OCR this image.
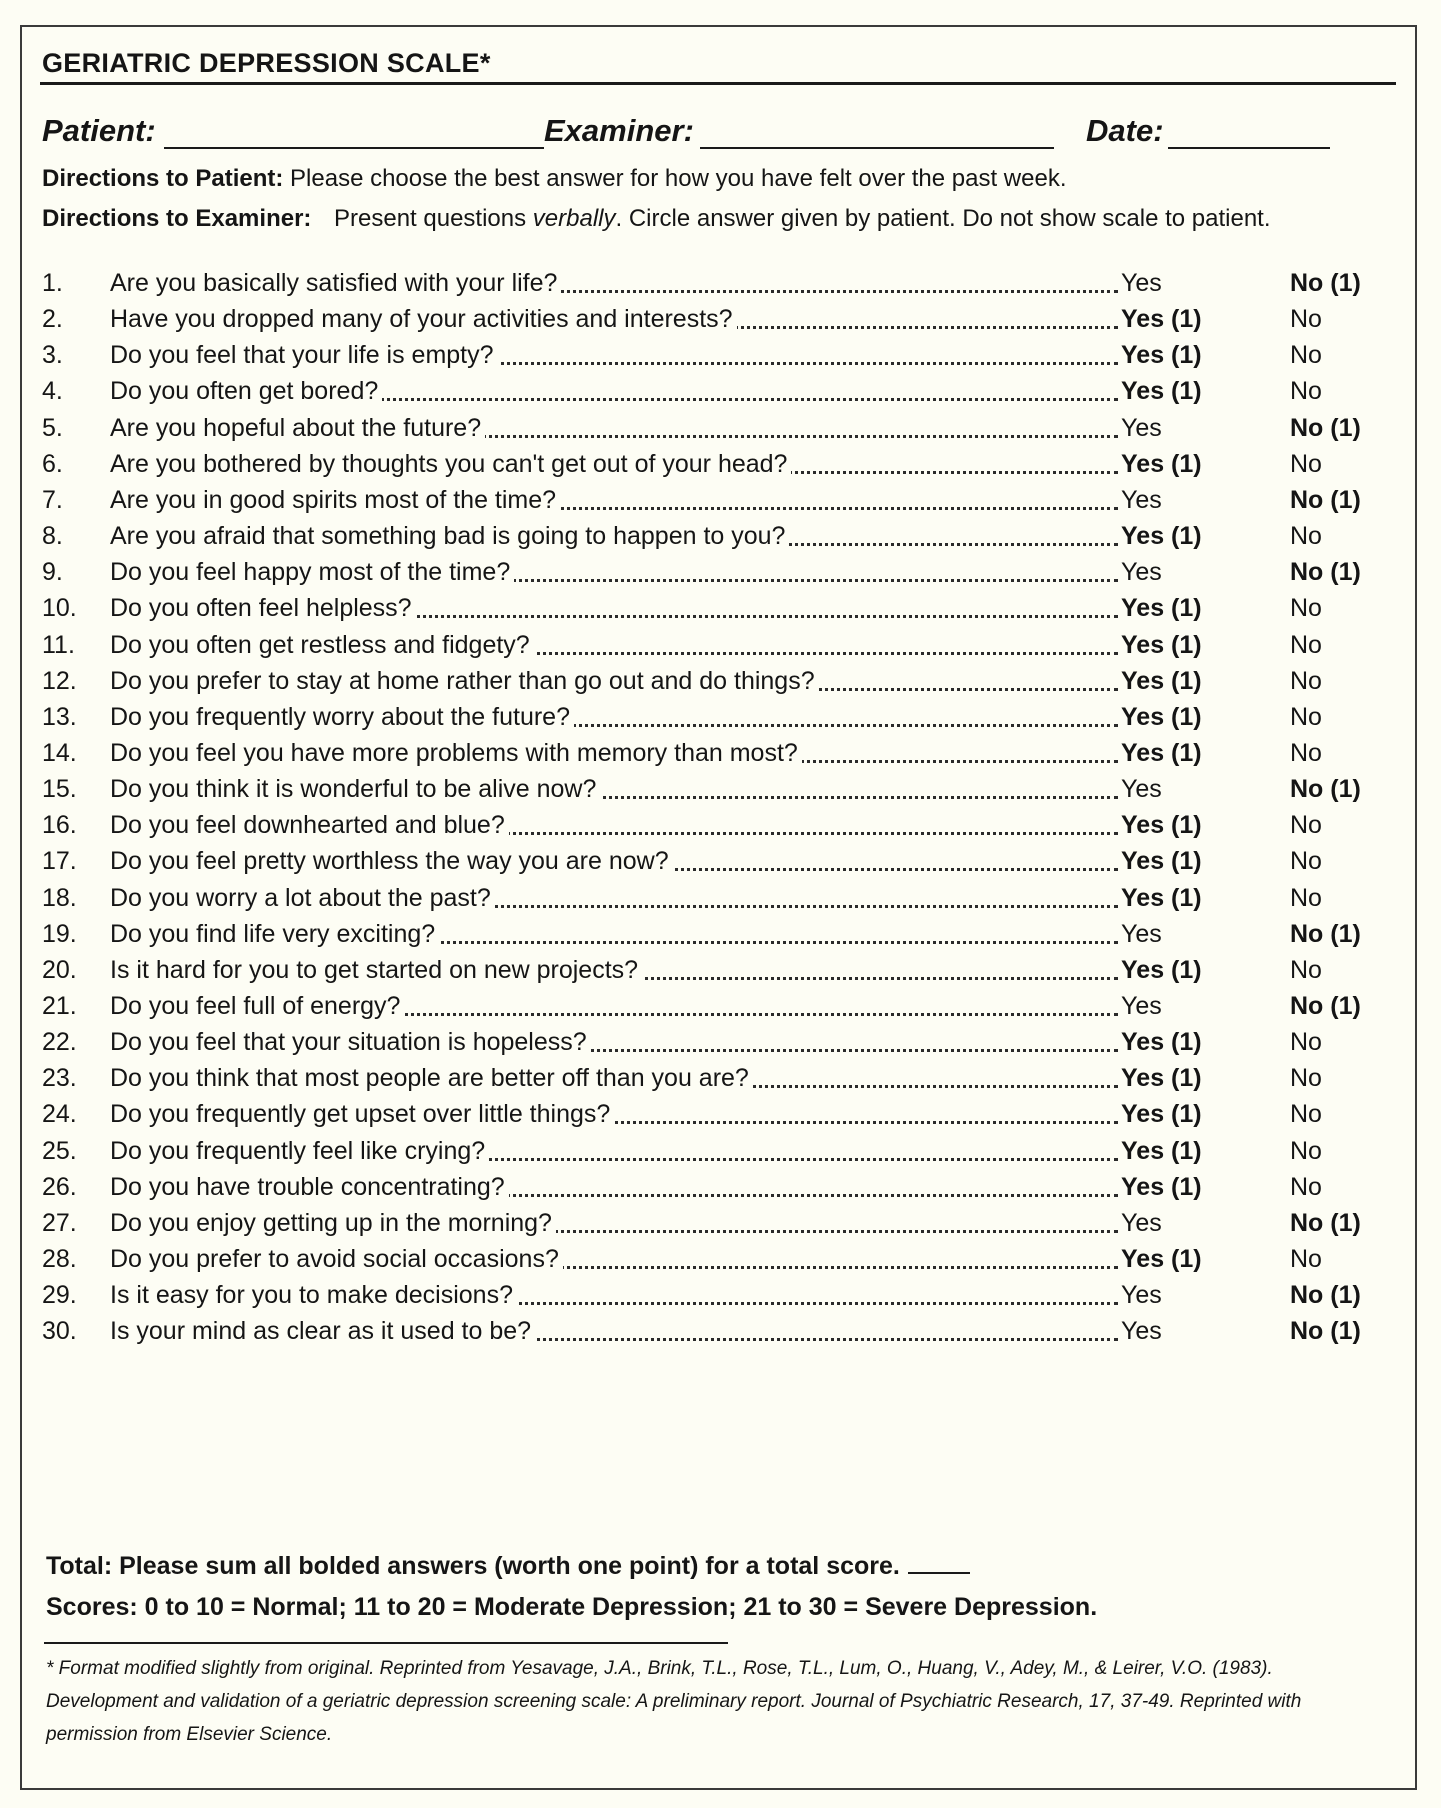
GERIATRIC DEPRESSION SCALE*
Patient:	Examiner:	Date:
Directions to Patient: Please choose the best answer for how you have felt over the past week.
Directions to Examiner: Present questions verbally. Circle answer given by patient. Do not show scale to patient.
1.	Are you basically satisfied with your life?	Yes	No (1)
2.	Have you dropped many of your activities and interests?	Yes (1)	No
3.	Do you feel that your life is empty?	Yes (1)	No
4.	Do you often get bored?	Yes (1)	No
5.	Are you hopeful about the future?	Yes	No (1)
6.	Are you bothered by thoughts you can't get out of your head?	Yes (1)	No
7.	Are you in good spirits most of the time?	Yes	No (1)
8.	Are you afraid that something bad is going to happen to you?	Yes (1)	No
9.	Do you feel happy most of the time?	Yes	No (1)
10.	Do you often feel helpless?	Yes (1)	No
11.	Do you often get restless and fidgety?	Yes (1)	No
12.	Do you prefer to stay at home rather than go out and do things?	Yes (1)	No
13.	Do you frequently worry about the future?	Yes (1)	No
14.	Do you feel you have more problems with memory than most?	Yes (1)	No
15.	Do you think it is wonderful to be alive now?	Yes	No (1)
16.	Do you feel downhearted and blue?	Yes (1)	No
17.	Do you feel pretty worthless the way you are now?	Yes (1)	No
18.	Do you worry a lot about the past?	Yes (1)	No
19.	Do you find life very exciting?	Yes	No (1)
20.	Is it hard for you to get started on new projects?	Yes (1)	No
21.	Do you feel full of energy?	Yes	No (1)
22.	Do you feel that your situation is hopeless?	Yes (1)	No
23.	Do you think that most people are better off than you are?	Yes (1)	No
24.	Do you frequently get upset over little things?	Yes (1)	No
25.	Do you frequently feel like crying?	Yes (1)	No
26.	Do you have trouble concentrating?	Yes (1)	No
27.	Do you enjoy getting up in the morning?	Yes	No (1)
28.	Do you prefer to avoid social occasions?	Yes (1)	No
29.	Is it easy for you to make decisions?	Yes	No (1)
30.	Is your mind as clear as it used to be?	Yes	No (1)
Total: Please sum all bolded answers (worth one point) for a total score.
Scores: 0 to 10 = Normal; 11 to 20 = Moderate Depression; 21 to 30 = Severe Depression.
* Format modified slightly from original. Reprinted from Yesavage, J.A., Brink, T.L., Rose, T.L., Lum, O., Huang, V., Adey, M., & Leirer, V.O. (1983). Development and validation of a geriatric depression screening scale: A preliminary report. Journal of Psychiatric Research, 17, 37-49. Reprinted with permission from Elsevier Science.
